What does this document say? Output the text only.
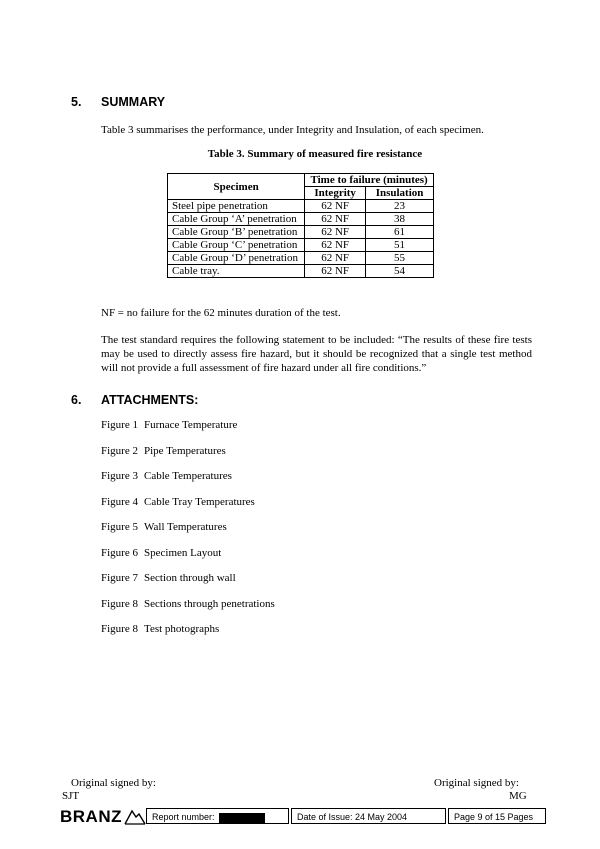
5. SUMMARY
Table 3 summarises the performance, under Integrity and Insulation, of each specimen.
Table 3. Summary of measured fire resistance
Specimen	Time to failure (minutes)	
	Integrity	Insulation
Steel pipe penetration	62 NF	23
Cable Group ‘A’ penetration	62 NF	38
Cable Group ‘B’ penetration	62 NF	61
Cable Group ‘C’ penetration	62 NF	51
Cable Group ‘D’ penetration	62 NF	55
Cable tray.	62 NF	54
NF = no failure for the 62 minutes duration of the test.
The test standard requires the following statement to be included: “The results of these fire tests may be used to directly assess fire hazard, but it should be recognized that a single test method will not provide a full assessment of fire hazard under all fire conditions.”
6. ATTACHMENTS:
Figure 1 Furnace Temperature
Figure 2 Pipe Temperatures
Figure 3 Cable Temperatures
Figure 4 Cable Tray Temperatures
Figure 5 Wall Temperatures
Figure 6 Specimen Layout
Figure 7 Section through wall
Figure 8 Sections through penetrations
Figure 8 Test photographs
Original signed by:
SJT
Original signed by:
MG
BRANZ	Report number:	Date of Issue: 24 May 2004	Page 9 of 15 Pages
